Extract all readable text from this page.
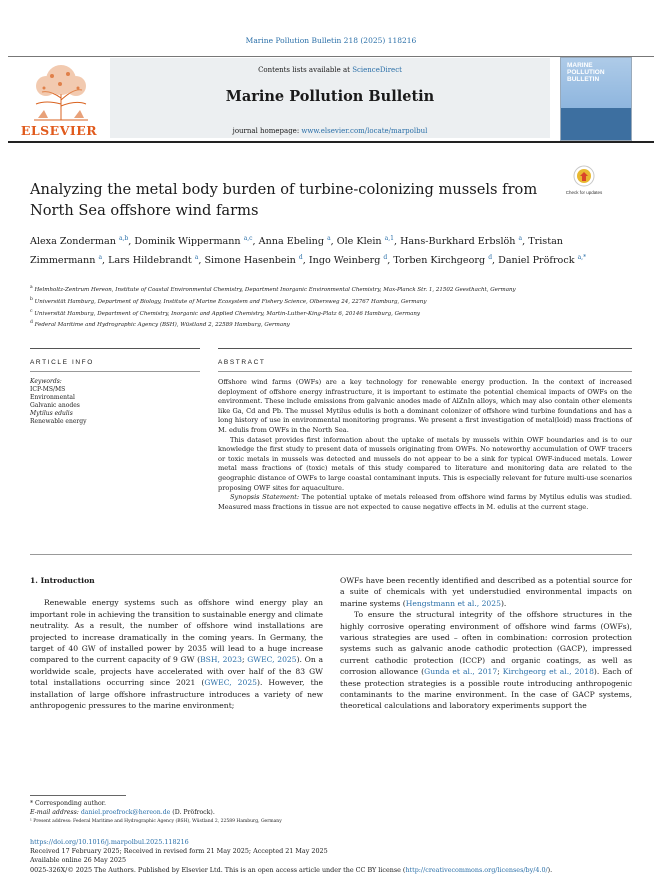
Marine Pollution Bulletin 218 (2025) 118216
ELSEVIER
Contents lists available at ScienceDirect
Marine Pollution Bulletin
journal homepage: www.elsevier.com/locate/marpolbul
MARINE POLLUTION BULLETIN
Analyzing the metal body burden of turbine-colonizing mussels from North Sea offshore wind farms
Check for updates
Alexa Zonderman $^{a,b}$, Dominik Wippermann $^{a,c}$, Anna Ebeling $^a$, Ole Klein $^{a,1}$, Hans-Burkhard Erbslöh $^a$, Tristan Zimmermann $^a$, Lars Hildebrandt $^a$, Simone Hasenbein $^d$, Ingo Weinberg $^d$, Torben Kirchgeorg $^d$, Daniel Pröfrock $^{a,*}$
$^a$ Helmholtz-Zentrum Hereon, Institute of Coastal Environmental Chemistry, Department Inorganic Environmental Chemistry, Max-Planck Str. 1, 21502 Geesthacht, Germany
$^b$ Universität Hamburg, Department of Biology, Institute of Marine Ecosystem and Fishery Science, Olbersweg 24, 22767 Hamburg, Germany
$^c$ Universität Hamburg, Department of Chemistry, Inorganic and Applied Chemistry, Martin-Luther-King-Platz 6, 20146 Hamburg, Germany
$^d$ Federal Maritime and Hydrographic Agency (BSH), Wüstland 2, 22589 Hamburg, Germany
ARTICLE INFO	ABSTRACT
Keywords:
ICP-MS/MS
Environmental
Galvanic anodes
Mytilus edulis
Renewable energy

Offshore wind farms (OWFs) are a key technology for renewable energy production. In the context of increased deployment of offshore energy infrastructure, it is important to estimate the potential chemical impacts of OWFs on the environment. These include emissions from galvanic anodes made of AlZnIn alloys, which may also contain other elements like Ga, Cd and Pb. The mussel Mytilus edulis is both a dominant colonizer of offshore wind turbine foundations and has a long history of use in environmental monitoring programs. We present a first investigation of metal(loid) mass fractions of M. edulis from OWFs in the North Sea.

This dataset provides first information about the uptake of metals by mussels within OWF boundaries and is to our knowledge the first study to present data of mussels originating from OWFs. No noteworthy accumulation of OWF tracers or toxic metals in mussels was detected and mussels do not appear to be a sink for typical OWF-induced metals. Lower metal mass fractions of (toxic) metals of this study compared to literature and monitoring data are related to the geographic distance of OWFs to large coastal contaminant inputs. This is especially relevant for future multi-use scenarios proposing OWF sites for aquaculture.

Synopsis Statement: The potential uptake of metals released from offshore wind farms by Mytilus edulis was studied. Measured mass fractions in tissue are not expected to cause negative effects in M. edulis at the current stage.

1. Introduction

Renewable energy systems such as offshore wind energy play an important role in achieving the transition to sustainable energy and climate neutrality. As a result, the number of offshore wind installations are projected to increase dramatically in the coming years. In Germany, the target of 40 GW of installed power by 2035 will lead to a huge increase compared to the current capacity of 9 GW (BSH, 2023; GWEC, 2025). On a worldwide scale, projects have accelerated with over half of the 83 GW total installations occurring since 2021 (GWEC, 2025). However, the installation of large offshore infrastructure introduces a variety of new anthropogenic pressures to the marine environment;

OWFs have been recently identified and described as a potential source for a suite of chemicals with yet understudied environmental impacts on marine systems (Hengstmann et al., 2025).

To ensure the structural integrity of the offshore structures in the highly corrosive operating environment of offshore wind farms (OWFs), various strategies are used – often in combination: corrosion protection systems such as galvanic anode cathodic protection (GACP), impressed current cathodic protection (ICCP) and organic coatings, as well as corrosion allowance (Gunda et al., 2017; Kirchgeorg et al., 2018). Each of these protection strategies is a possible route introducing anthropogenic contaminants to the marine environment. In the case of GACP systems, theoretical calculations and laboratory experiments support the

* Corresponding author.
E-mail address: daniel.proefrock@hereon.de (D. Pröfrock).
¹ Present address: Federal Maritime and Hydrographic Agency (BSH), Wüstland 2, 22589 Hamburg, Germany
https://doi.org/10.1016/j.marpolbul.2025.118216
Received 17 February 2025; Received in revised form 21 May 2025; Accepted 21 May 2025
Available online 26 May 2025
0025-326X/© 2025 The Authors. Published by Elsevier Ltd. This is an open access article under the CC BY license (http://creativecommons.org/licenses/by/4.0/).
